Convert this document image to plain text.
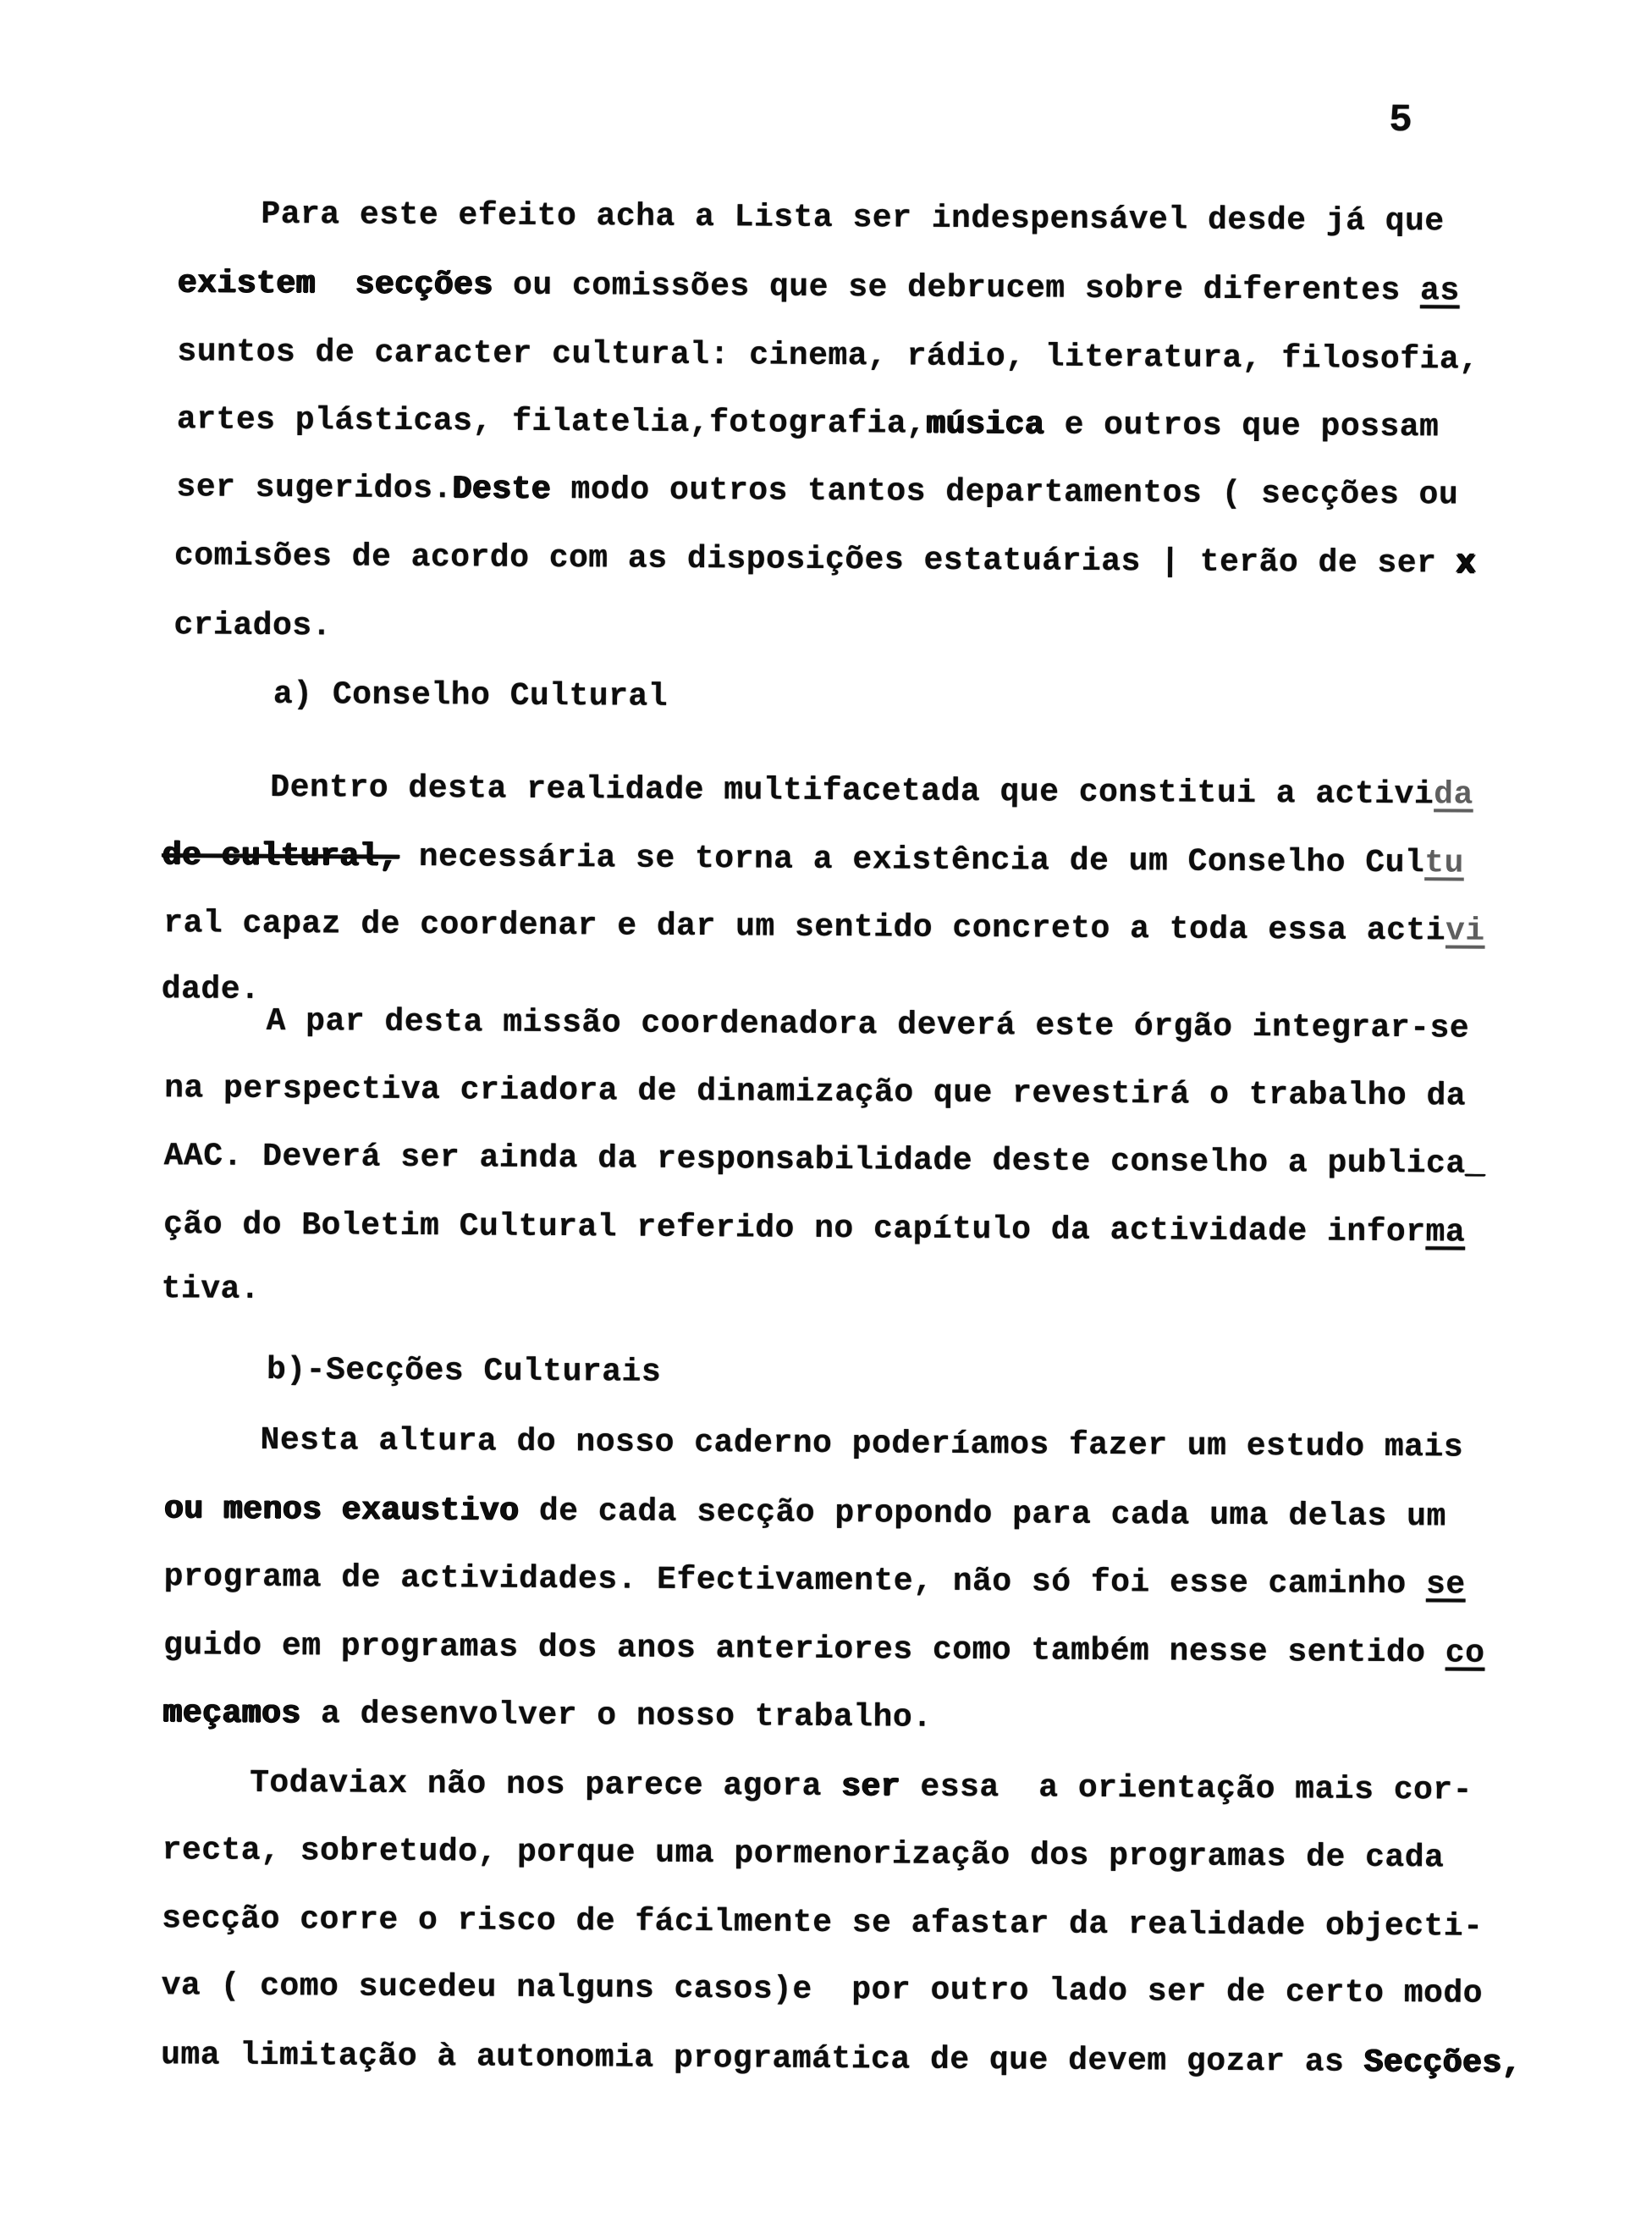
5
Para este efeito acha a Lista ser indespensável desde já que
existem  secções ou comissões que se debrucem sobre diferentes as
suntos de caracter cultural: cinema, rádio, literatura, filosofia,
artes plásticas, filatelia,fotografia,música e outros que possam
ser sugeridos.Deste modo outros tantos departamentos ( secções ou
comisões de acordo com as disposições estatuárias | terão de ser x
criados.
a) Conselho Cultural
Dentro desta realidade multifacetada que constitui a activida
de cultural, necessária se torna a existência de um Conselho Cultu
ral capaz de coordenar e dar um sentido concreto a toda essa activi
dade.
A par desta missão coordenadora deverá este órgão integrar-se
na perspectiva criadora de dinamização que revestirá o trabalho da
AAC. Deverá ser ainda da responsabilidade deste conselho a publica_
ção do Boletim Cultural referido no capítulo da actividade informa
tiva.
b)-Secções Culturais
Nesta altura do nosso caderno poderíamos fazer um estudo mais
ou menos exaustivo de cada secção propondo para cada uma delas um
programa de actividades. Efectivamente, não só foi esse caminho se
guido em programas dos anos anteriores como também nesse sentido co
meçamos a desenvolver o nosso trabalho.
Todaviax não nos parece agora ser essa  a orientação mais cor-
recta, sobretudo, porque uma pormenorização dos programas de cada
secção corre o risco de fácilmente se afastar da realidade objecti-
va ( como sucedeu nalguns casos)e  por outro lado ser de certo modo
uma limitação à autonomia programática de que devem gozar as Secções,
